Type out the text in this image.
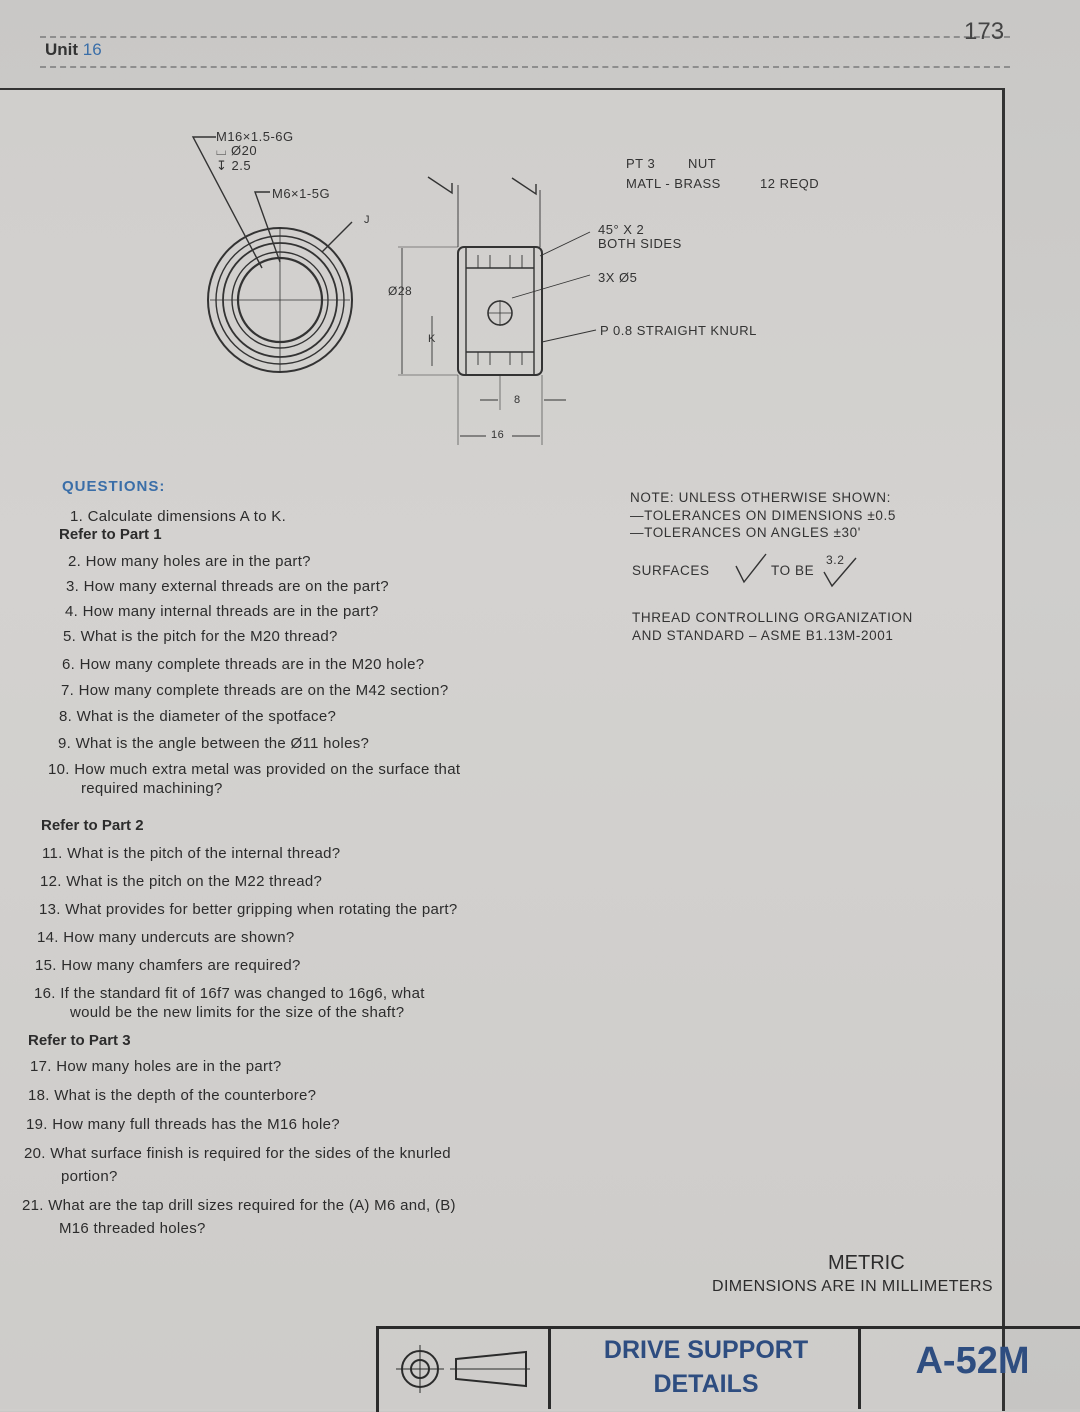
Unit 16
173
M16×1.5-6G
⌴ Ø20
↧ 2.5
M6×1-5G
J
Ø28
K
8
16
PT 3	NUT
MATL - BRASS	12 REQD
45° X 2
BOTH SIDES
3X Ø5
P 0.8 STRAIGHT KNURL
QUESTIONS:
1. Calculate dimensions A to K.
Refer to Part 1
2. How many holes are in the part?
3. How many external threads are on the part?
4. How many internal threads are in the part?
5. What is the pitch for the M20 thread?
6. How many complete threads are in the M20 hole?
7. How many complete threads are on the M42 section?
8. What is the diameter of the spotface?
9. What is the angle between the Ø11 holes?
10. How much extra metal was provided on the surface that
required machining?
Refer to Part 2
11. What is the pitch of the internal thread?
12. What is the pitch on the M22 thread?
13. What provides for better gripping when rotating the part?
14. How many undercuts are shown?
15. How many chamfers are required?
16. If the standard fit of 16f7 was changed to 16g6, what
would be the new limits for the size of the shaft?
Refer to Part 3
17. How many holes are in the part?
18. What is the depth of the counterbore?
19. How many full threads has the M16 hole?
20. What surface finish is required for the sides of the knurled
portion?
21. What are the tap drill sizes required for the (A) M6 and, (B)
M16 threaded holes?
NOTE: UNLESS OTHERWISE SHOWN:
—TOLERANCES ON DIMENSIONS ±0.5
—TOLERANCES ON ANGLES ±30'
SURFACES	TO BE
3.2
THREAD CONTROLLING ORGANIZATION
AND STANDARD – ASME B1.13M-2001
METRIC
DIMENSIONS ARE IN MILLIMETERS
DRIVE SUPPORT
DETAILS
A-52M
